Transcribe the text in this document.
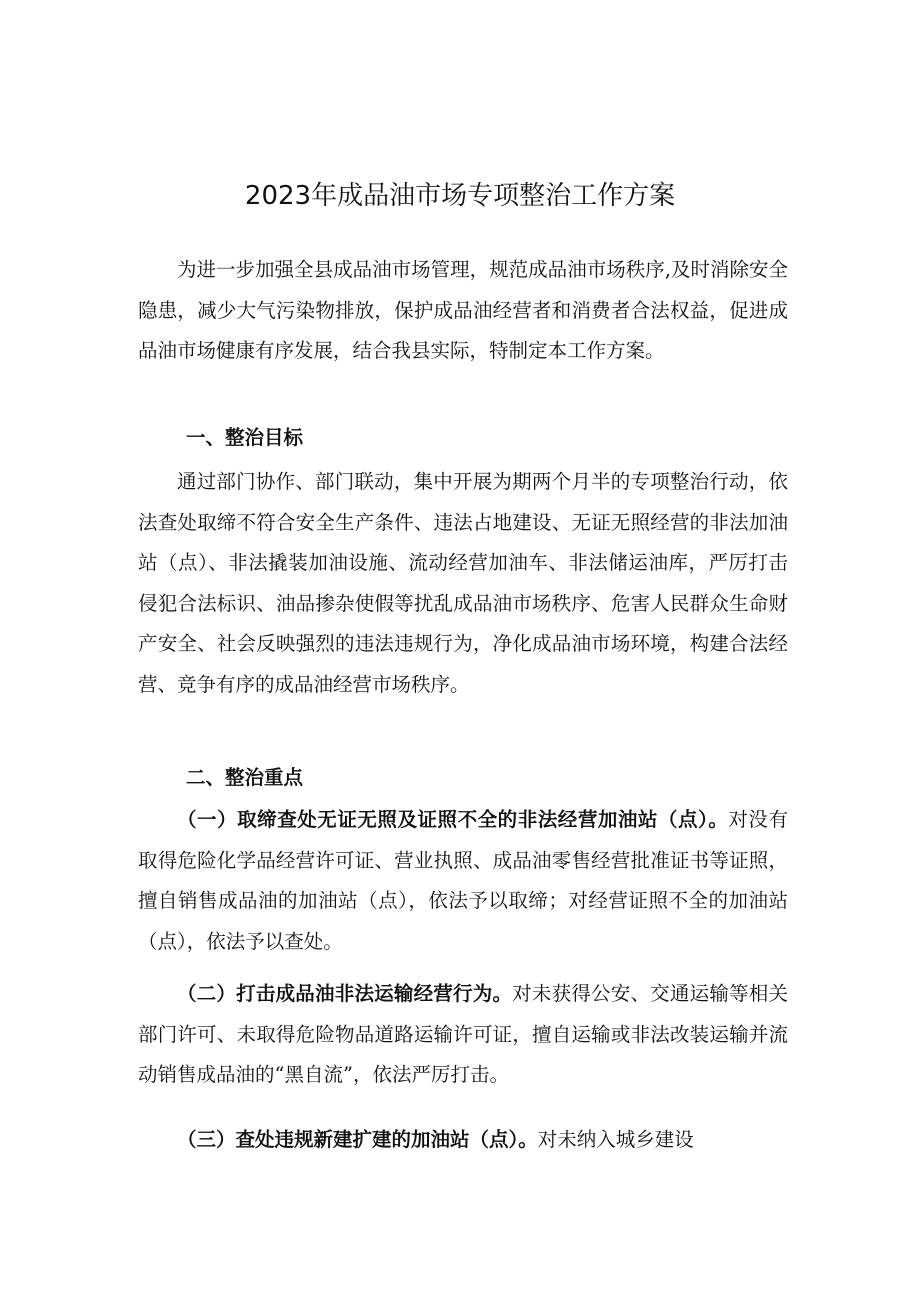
2023年成品油市场专项整治工作方案

为进一步加强全县成品油市场管理，规范成品油市场秩序,及时消除安全隐患，减少大气污染物排放，保护成品油经营者和消费者合法权益，促进成品油市场健康有序发展，结合我县实际，特制定本工作方案。

一、整治目标

通过部门协作、部门联动，集中开展为期两个月半的专项整治行动，依法查处取缔不符合安全生产条件、违法占地建设、无证无照经营的非法加油站（点）、非法撬装加油设施、流动经营加油车、非法储运油库，严厉打击侵犯合法标识、油品掺杂使假等扰乱成品油市场秩序、危害人民群众生命财产安全、社会反映强烈的违法违规行为，净化成品油市场环境，构建合法经营、竞争有序的成品油经营市场秩序。

二、整治重点

（一）取缔查处无证无照及证照不全的非法经营加油站（点）。对没有取得危险化学品经营许可证、营业执照、成品油零售经营批准证书等证照，擅自销售成品油的加油站（点），依法予以取缔；对经营证照不全的加油站（点），依法予以查处。

（二）打击成品油非法运输经营行为。对未获得公安、交通运输等相关部门许可、未取得危险物品道路运输许可证，擅自运输或非法改装运输并流动销售成品油的“黑自流”，依法严厉打击。

（三）查处违规新建扩建的加油站（点）。对未纳入城乡建设
